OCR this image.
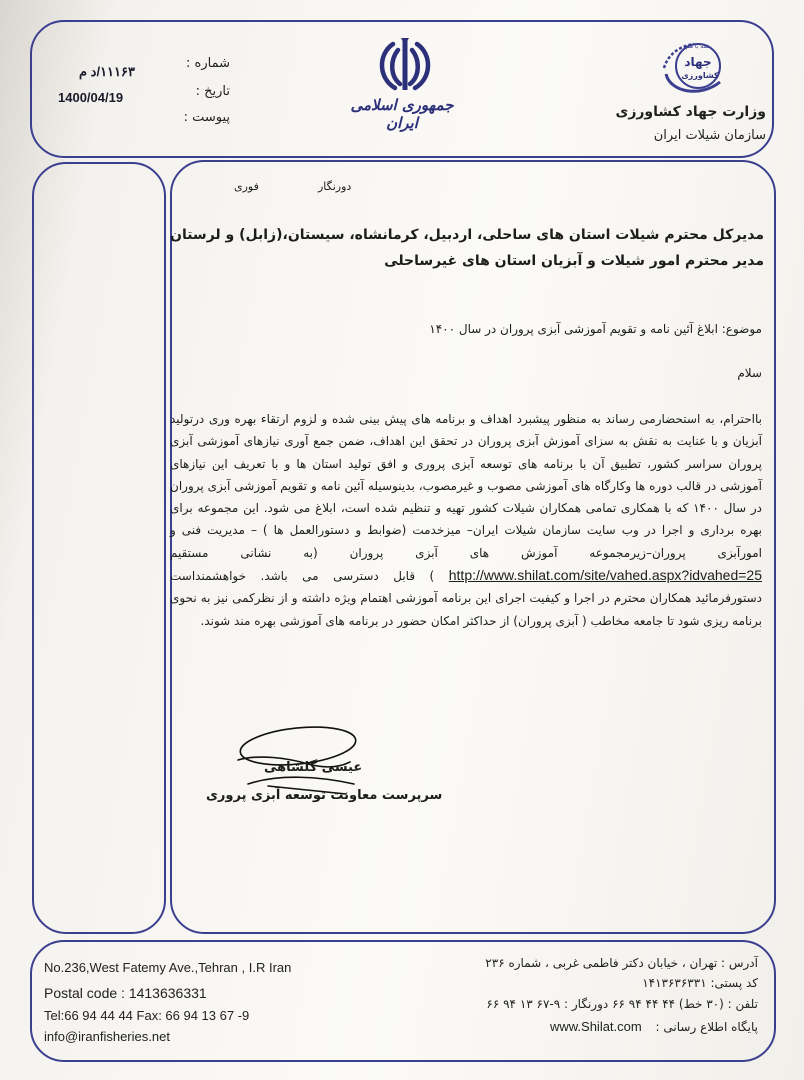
شماره :
۱۱۱۶۳/د م
تاریخ :
1400/04/19
پیوست :
جمهوری اسلامی ایران
همه با هم
جهاد
کشاورزی
وزارت جهاد کشاورزی
سازمان شیلات ایران
دورنگار
فوری
مدیرکل محترم شیلات استان های ساحلی، اردبیل، کرمانشاه، سیستان،(زابل) و لرستان
مدیر محترم امور شیلات و آبزیان استان های غیرساحلی
موضوع: ابلاغ آئین نامه و تقویم آموزشی آبزی پروران در سال ۱۴۰۰
سلام
بااحترام، به استحضارمی رساند به منظور پیشبرد اهداف و برنامه های پیش بینی شده و لزوم ارتقاء بهره وری درتولید آبزیان و با عنایت به نقش به سزای آموزش آبزی پروران در تحقق این اهداف، ضمن جمع آوری نیازهای آموزشی آبزی پروران سراسر کشور، تطبیق آن با برنامه های توسعه آبزی پروری و افق تولید استان ها و با تعریف این نیازهای آموزشی در قالب دوره ها وکارگاه های آموزشی مصوب و غیرمصوب، بدینوسیله آئین نامه و تقویم آموزشی آبزی پروران در سال ۱۴۰۰ که با همکاری تمامی همکاران شیلات کشور تهیه و تنظیم شده است، ابلاغ می شود. این مجموعه برای بهره برداری و اجرا در وب سایت سازمان شیلات ایران– میزخدمت (ضوابط و دستورالعمل ها ) – مدیریت فنی و امورآبزی پروران–زیرمجموعه آموزش های آبزی پروران (به نشانی مستقیم http://www.shilat.com/site/vahed.aspx?idvahed=25 ) قابل دسترسی می باشد. خواهشمنداست دستورفرمائید همکاران محترم در اجرا و کیفیت اجرای این برنامه آموزشی اهتمام ویژه داشته و از نظرکمی نیز به نحوی برنامه ریزی شود تا جامعه مخاطب ( آبزی پروران) از حداکثر امکان حضور در برنامه های آموزشی بهره مند شوند.
عیسی گلشاهی
سرپرست معاونت توسعه آبزی پروری
No.236,West Fatemy Ave.,Tehran , I.R Iran
Postal code : 1413636331
Tel:66 94 44 44 Fax: 66 94 13 67 -9
info@iranfisheries.net
آدرس : تهران ، خیابان دکتر فاطمی غربی ، شماره ۲۳۶
کد پستی: ۱۴۱۳۶۳۶۳۳۱
تلفن : (۳۰ خط) ۴۴ ۴۴ ۹۴ ۶۶ دورنگار : ۹-۶۷ ۱۳ ۹۴ ۶۶
پایگاه اطلاع رسانی : www.Shilat.com
